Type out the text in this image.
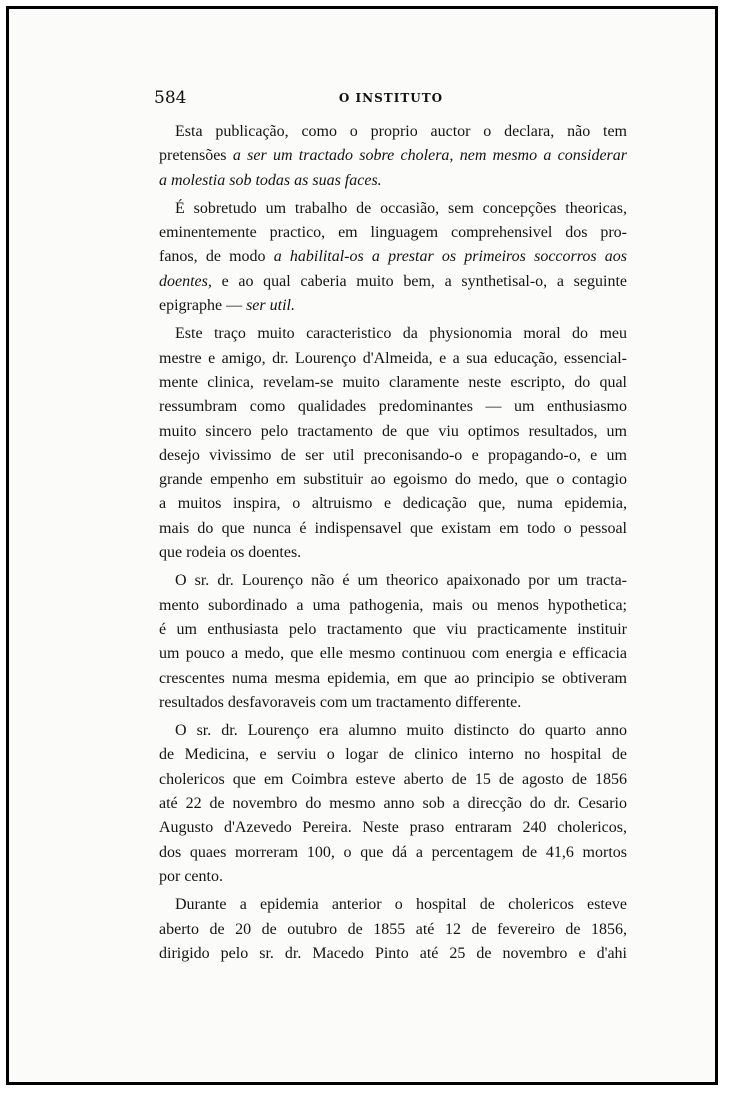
584	O INSTITUTO
Esta publicação, como o proprio auctor o declara, não tem
pretensões a ser um tractado sobre cholera, nem mesmo a considerar
a molestia sob todas as suas faces.
É sobretudo um trabalho de occasião, sem concepções theoricas,
eminentemente practico, em linguagem comprehensivel dos pro-
fanos, de modo a habilital-os a prestar os primeiros soccorros aos
doentes, e ao qual caberia muito bem, a synthetisal-o, a seguinte
epigraphe — ser util.
Este traço muito caracteristico da physionomia moral do meu
mestre e amigo, dr. Lourenço d'Almeida, e a sua educação, essencial-
mente clinica, revelam-se muito claramente neste escripto, do qual
ressumbram como qualidades predominantes — um enthusiasmo
muito sincero pelo tractamento de que viu optimos resultados, um
desejo vivissimo de ser util preconisando-o e propagando-o, e um
grande empenho em substituir ao egoismo do medo, que o contagio
a muitos inspira, o altruismo e dedicação que, numa epidemia,
mais do que nunca é indispensavel que existam em todo o pessoal
que rodeia os doentes.
O sr. dr. Lourenço não é um theorico apaixonado por um tracta-
mento subordinado a uma pathogenia, mais ou menos hypothetica;
é um enthusiasta pelo tractamento que viu practicamente instituir
um pouco a medo, que elle mesmo continuou com energia e efficacia
crescentes numa mesma epidemia, em que ao principio se obtiveram
resultados desfavoraveis com um tractamento differente.
O sr. dr. Lourenço era alumno muito distincto do quarto anno
de Medicina, e serviu o logar de clinico interno no hospital de
cholericos que em Coimbra esteve aberto de 15 de agosto de 1856
até 22 de novembro do mesmo anno sob a direcção do dr. Cesario
Augusto d'Azevedo Pereira. Neste praso entraram 240 cholericos,
dos quaes morreram 100, o que dá a percentagem de 41,6 mortos
por cento.
Durante a epidemia anterior o hospital de cholericos esteve
aberto de 20 de outubro de 1855 até 12 de fevereiro de 1856,
dirigido pelo sr. dr. Macedo Pinto até 25 de novembro e d'ahi
